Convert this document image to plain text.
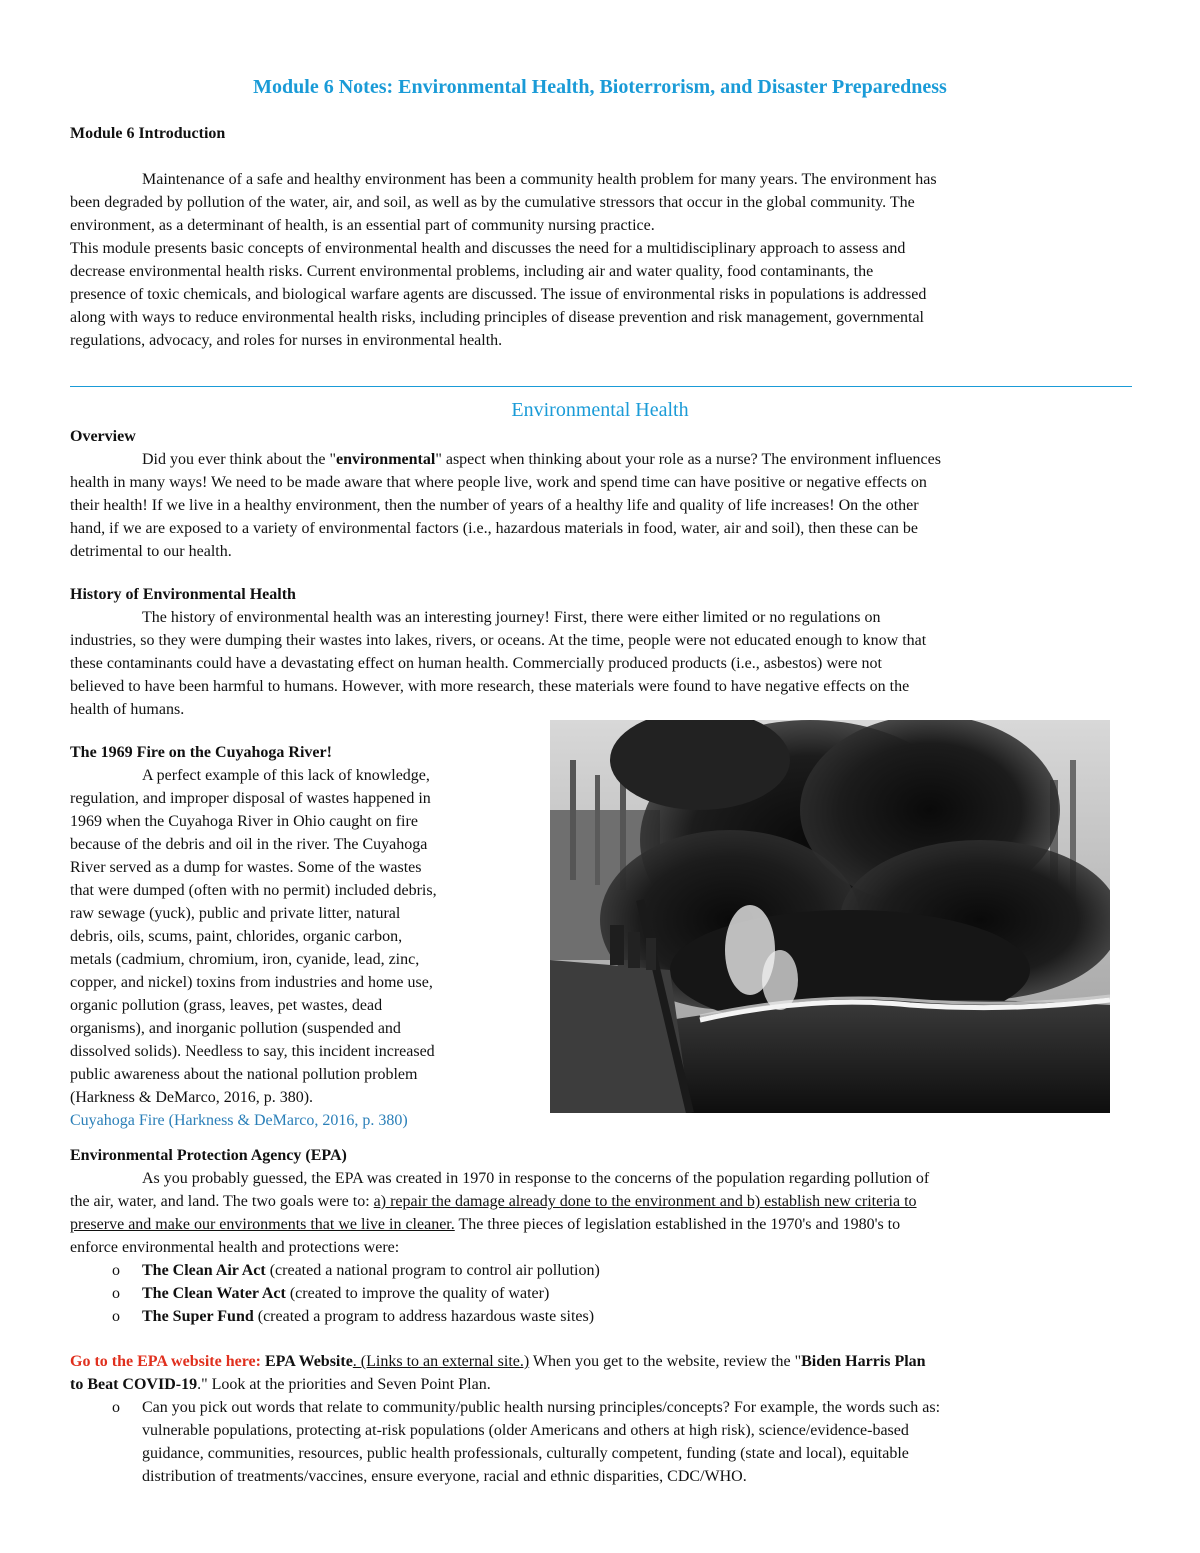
Module 6 Notes: Environmental Health, Bioterrorism, and Disaster Preparedness
Module 6 Introduction
Maintenance of a safe and healthy environment has been a community health problem for many years. The environment has
been degraded by pollution of the water, air, and soil, as well as by the cumulative stressors that occur in the global community. The
environment, as a determinant of health, is an essential part of community nursing practice.
This module presents basic concepts of environmental health and discusses the need for a multidisciplinary approach to assess and
decrease environmental health risks. Current environmental problems, including air and water quality, food contaminants, the
presence of toxic chemicals, and biological warfare agents are discussed. The issue of environmental risks in populations is addressed
along with ways to reduce environmental health risks, including principles of disease prevention and risk management, governmental
regulations, advocacy, and roles for nurses in environmental health.
Environmental Health
Overview
Did you ever think about the "environmental" aspect when thinking about your role as a nurse? The environment influences
health in many ways! We need to be made aware that where people live, work and spend time can have positive or negative effects on
their health! If we live in a healthy environment, then the number of years of a healthy life and quality of life increases! On the other
hand, if we are exposed to a variety of environmental factors (i.e., hazardous materials in food, water, air and soil), then these can be
detrimental to our health.
History of Environmental Health
The history of environmental health was an interesting journey! First, there were either limited or no regulations on
industries, so they were dumping their wastes into lakes, rivers, or oceans. At the time, people were not educated enough to know that
these contaminants could have a devastating effect on human health. Commercially produced products (i.e., asbestos) were not
believed to have been harmful to humans. However, with more research, these materials were found to have negative effects on the
health of humans.
The 1969 Fire on the Cuyahoga River!
A perfect example of this lack of knowledge,
regulation, and improper disposal of wastes happened in
1969 when the Cuyahoga River in Ohio caught on fire
because of the debris and oil in the river. The Cuyahoga
River served as a dump for wastes. Some of the wastes
that were dumped (often with no permit) included debris,
raw sewage (yuck), public and private litter, natural
debris, oils, scums, paint, chlorides, organic carbon,
metals (cadmium, chromium, iron, cyanide, lead, zinc,
copper, and nickel) toxins from industries and home use,
organic pollution (grass, leaves, pet wastes, dead
organisms), and inorganic pollution (suspended and
dissolved solids). Needless to say, this incident increased
public awareness about the national pollution problem
(Harkness & DeMarco, 2016, p. 380).
Cuyahoga Fire (Harkness & DeMarco, 2016, p. 380)
Environmental Protection Agency (EPA)
As you probably guessed, the EPA was created in 1970 in response to the concerns of the population regarding pollution of
the air, water, and land. The two goals were to: a) repair the damage already done to the environment and b) establish new criteria to
preserve and make our environments that we live in cleaner. The three pieces of legislation established in the 1970's and 1980's to
enforce environmental health and protections were:
o The Clean Air Act (created a national program to control air pollution)
o The Clean Water Act (created to improve the quality of water)
o The Super Fund (created a program to address hazardous waste sites)
Go to the EPA website here: EPA Website. (Links to an external site.) When you get to the website, review the "Biden Harris Plan
to Beat COVID-19." Look at the priorities and Seven Point Plan.
o Can you pick out words that relate to community/public health nursing principles/concepts? For example, the words such as:
vulnerable populations, protecting at-risk populations (older Americans and others at high risk), science/evidence-based
guidance, communities, resources, public health professionals, culturally competent, funding (state and local), equitable
distribution of treatments/vaccines, ensure everyone, racial and ethnic disparities, CDC/WHO.
